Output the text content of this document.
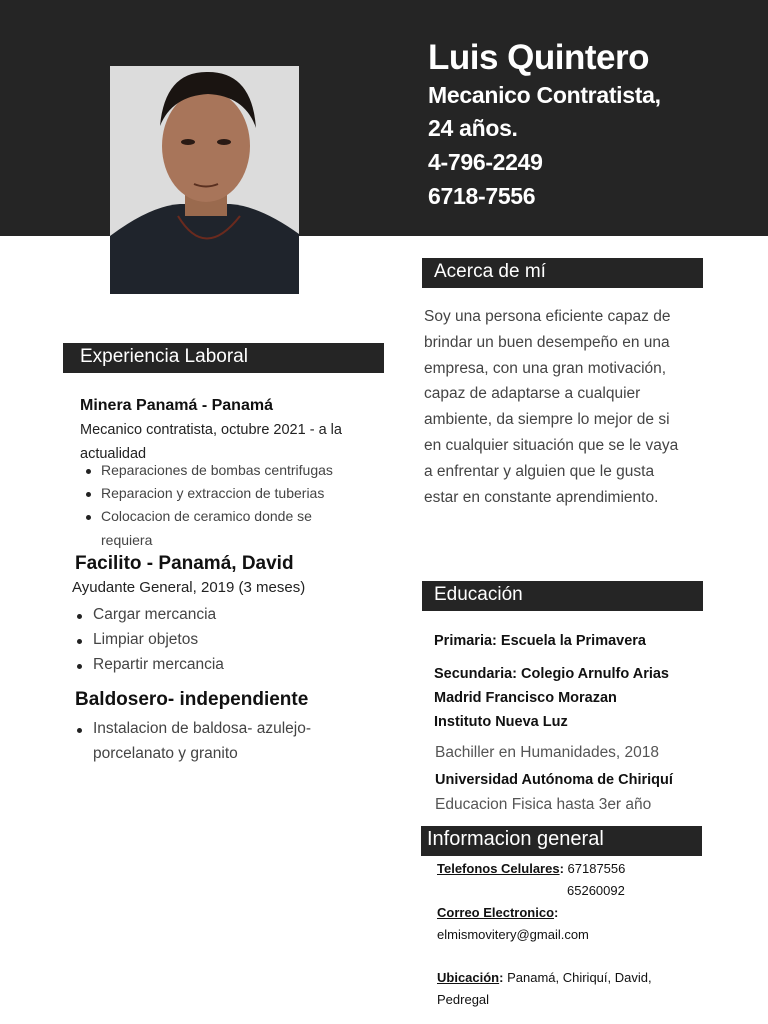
Luis Quintero
Mecanico Contratista,
24 años.
4-796-2249
6718-7556
Acerca de mí
Soy una persona eficiente capaz de brindar un buen desempeño en una empresa, con una gran motivación, capaz de adaptarse a cualquier ambiente, da siempre lo mejor de si en cualquier situación que se le vaya a enfrentar y alguien que le gusta estar en constante aprendimiento.
Experiencia Laboral
Minera Panamá - Panamá
Mecanico contratista, octubre 2021 - a la
actualidad
Reparaciones de bombas centrifugas
Reparacion y extraccion de tuberias
Colocacion de ceramico donde se
requiera
Facilito - Panamá, David
Ayudante General, 2019 (3 meses)
Cargar mercancia
Limpiar objetos
Repartir mercancia
Baldosero- independiente
Instalacion de baldosa- azulejo-
porcelanato y granito
Educación
Primaria: Escuela la Primavera
Secundaria: Colegio Arnulfo Arias
Madrid Francisco Morazan
Instituto Nueva Luz
Bachiller en Humanidades, 2018
Universidad Autónoma de Chiriquí
Educacion Fisica hasta 3er año
Informacion general
Telefonos Celulares: 67187556
65260092
Correo Electronico:
elmismovitery@gmail.com
Ubicación: Panamá, Chiriquí, David,
Pedregal
